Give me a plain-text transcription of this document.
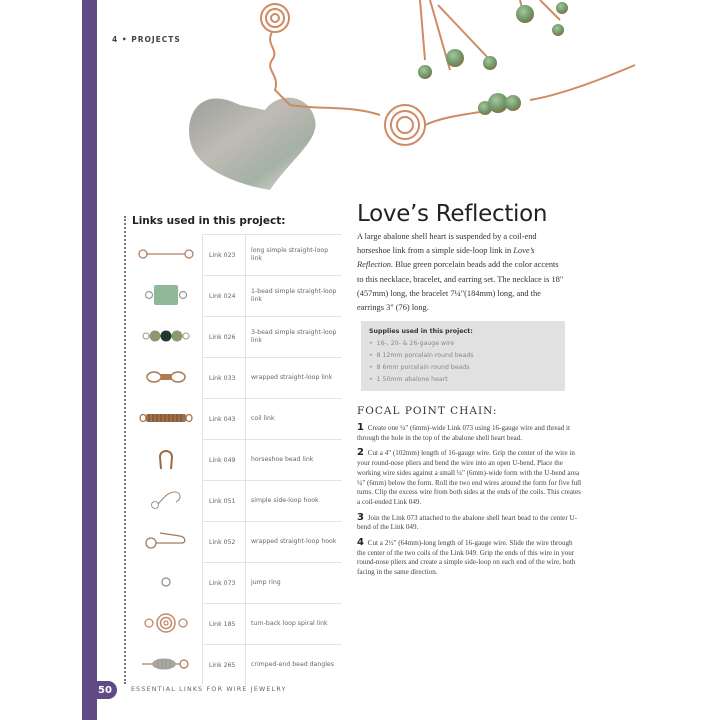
4 • PROJECTS
Links used in this project:
	Link 023	long simple straight-loop link
	Link 024	1-bead simple straight-loop link
	Link 026	3-bead simple straight-loop link
	Link 033	wrapped straight-loop link
	Link 043	coil link
	Link 049	horseshoe bead link
	Link 051	simple side-loop hook
	Link 052	wrapped straight-loop hook
	Link 073	jump ring
	Link 185	turn-back loop spiral link
	Link 265	crimped-end bead dangles
Love’s Reflection

A large abalone shell heart is suspended by a coil-end horseshoe link from a simple side-loop link in Love’s Reflection. Blue green porcelain beads add the color accents to this necklace, bracelet, and earring set. The necklace is 18" (457mm) long, the bracelet 7¼"(184mm) long, and the earrings 3" (76) long.

Supplies used in this project:
• 16-, 20- & 26-gauge wire
• 8 12mm porcelain round beads
• 8 6mm porcelain round beads
• 1 50mm abalone heart
FOCAL POINT CHAIN:
1 Create one ¼" (6mm)-wide Link 073 using 16-gauge wire and thread it through the hole in the top of the abalone shell heart bead.
2 Cut a 4" (102mm) length of 16-gauge wire. Grip the center of the wire in your round-nose pliers and bend the wire into an open U-bend. Place the working wire sides against a small ¼" (6mm)-wide form with the U-bend area ¼" (6mm) below the form. Roll the two end wires around the form for five full turns. Clip the excess wire from both sides at the ends of the coils. This creates a coil-ended Link 049.
3 Join the Link 073 attached to the abalone shell heart bead to the center U-bend of the Link 049.
4 Cut a 2½" (64mm)-long length of 16-gauge wire. Slide the wire through the center of the two coils of the Link 049. Grip the ends of this wire in your round-nose pliers and create a simple side-loop on each end of the wire, both facing in the same direction.
50	ESSENTIAL LINKS FOR WIRE JEWELRY
